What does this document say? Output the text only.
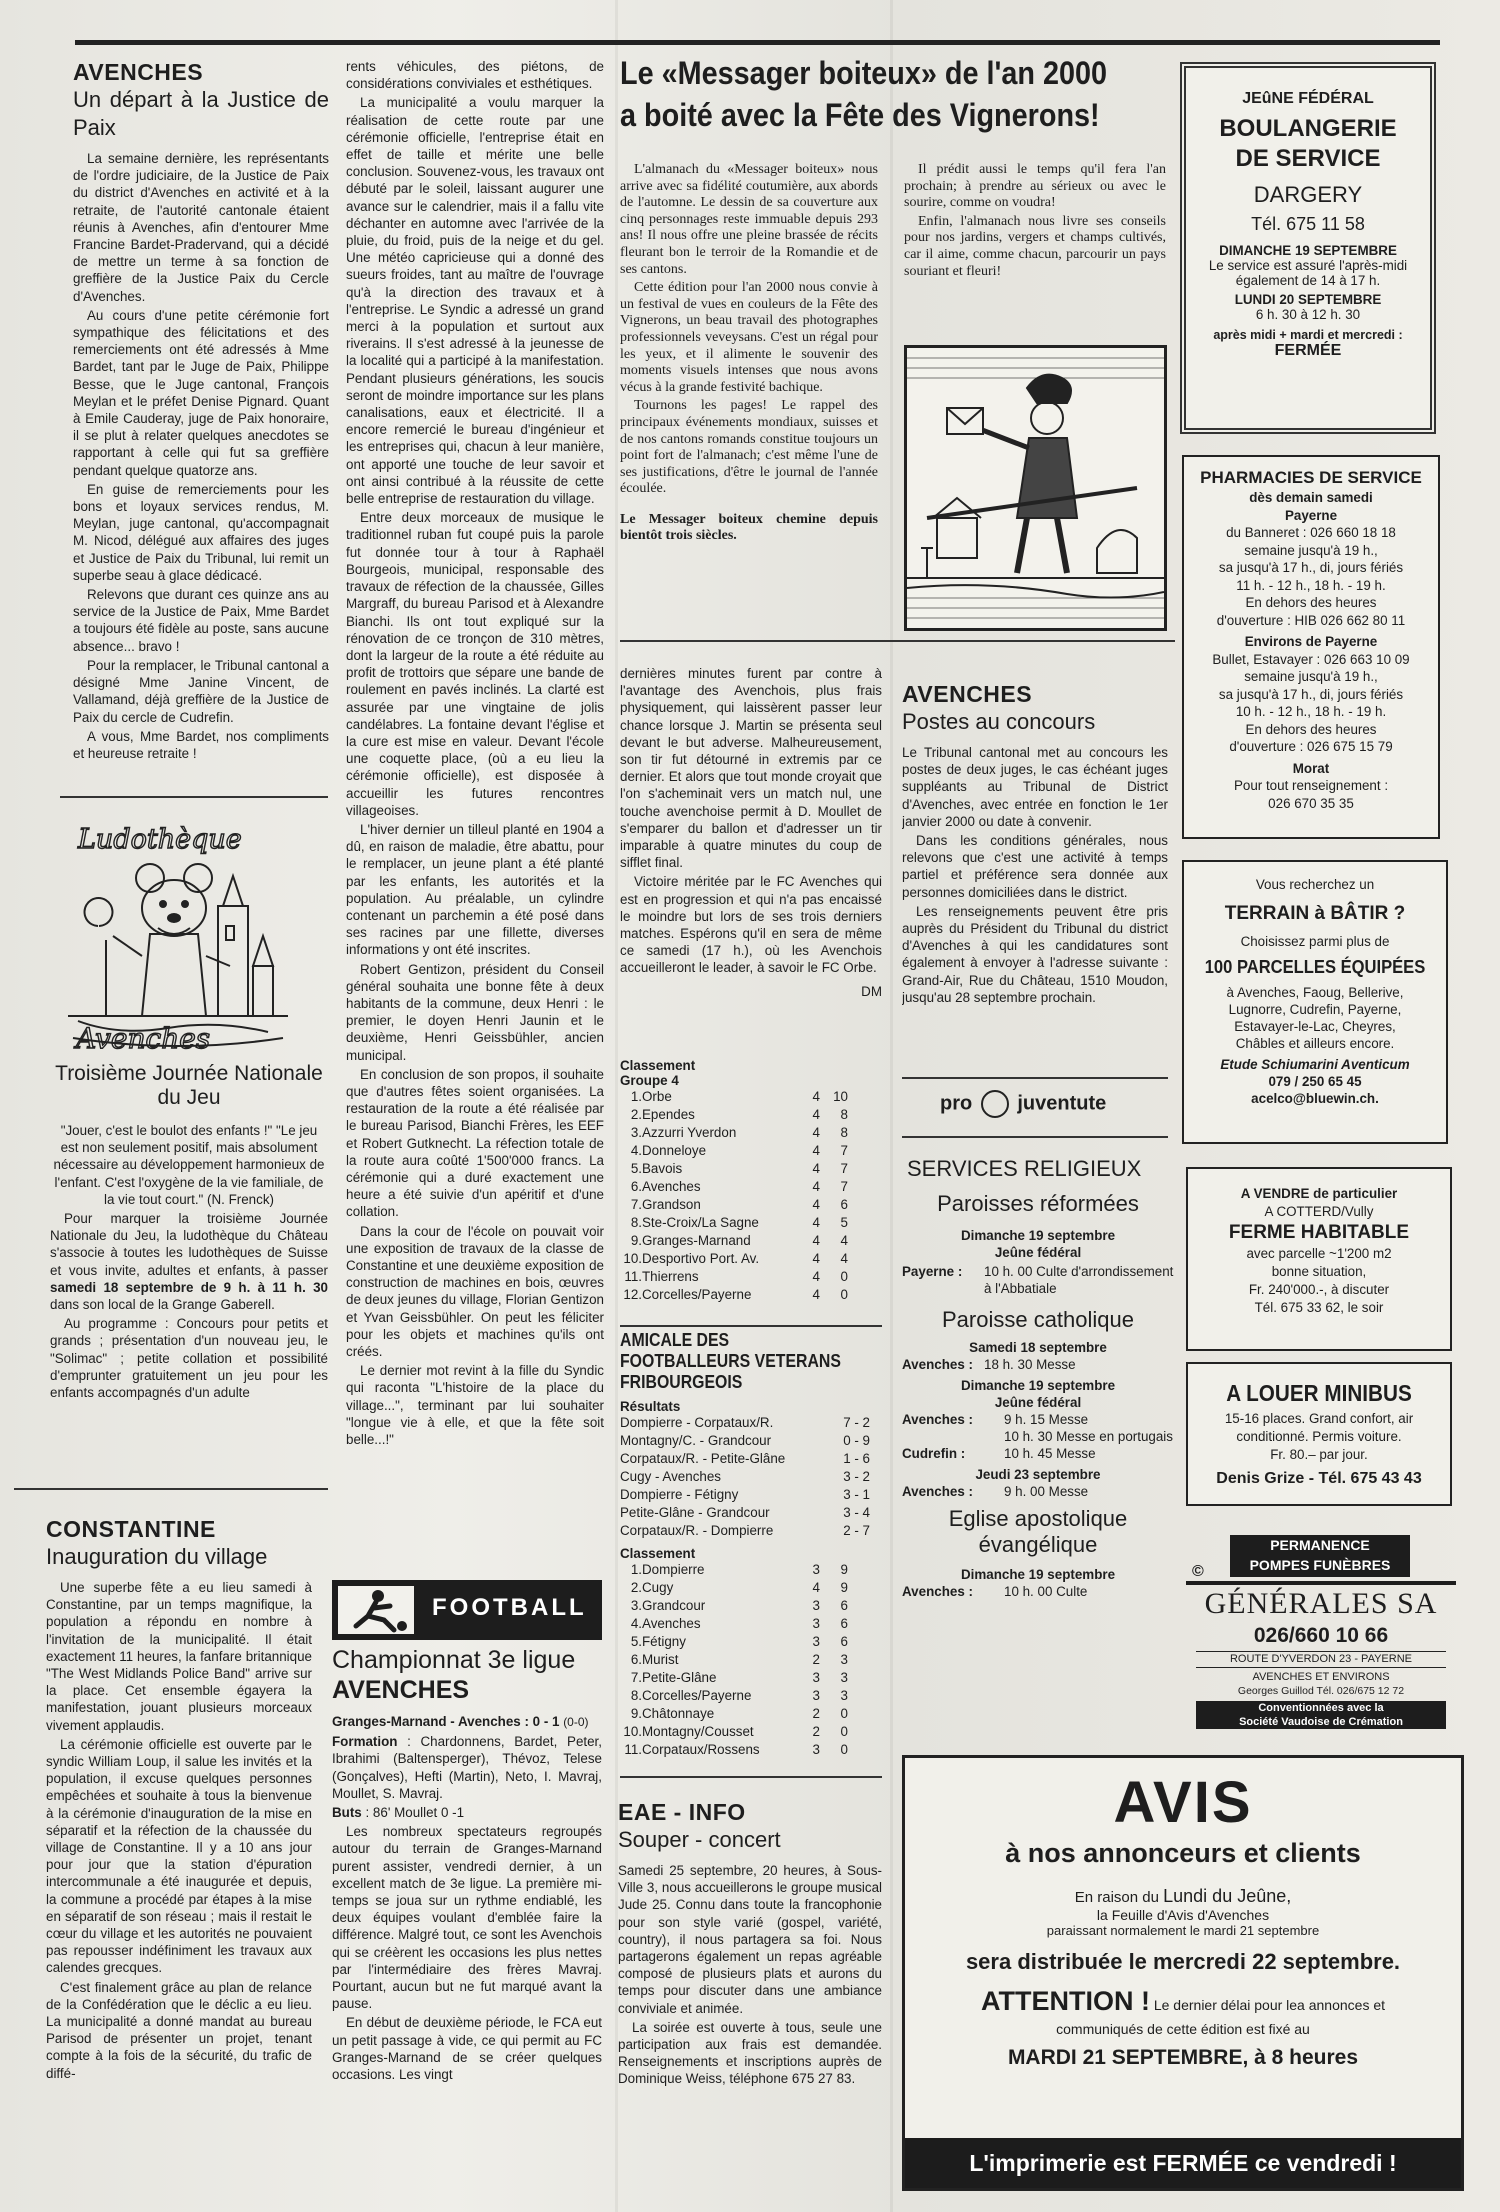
AVENCHES
Un départ à la Justice de Paix

La semaine dernière, les représentants de l'ordre judiciaire, de la Justice de Paix du district d'Avenches en activité et à la retraite, de l'autorité cantonale étaient réunis à Avenches, afin d'entourer Mme Francine Bardet-Pradervand, qui a décidé de mettre un terme à sa fonction de greffière de la Justice Paix du Cercle d'Avenches.

Au cours d'une petite cérémonie fort sympathique des félicitations et des remerciements ont été adressés à Mme Bardet, tant par le Juge de Paix, Philippe Besse, que le Juge cantonal, François Meylan et le préfet Denise Pignard. Quant à Emile Cauderay, juge de Paix honoraire, il se plut à relater quelques anecdotes se rapportant à celle qui fut sa greffière pendant quelque quatorze ans.

En guise de remerciements pour les bons et loyaux services rendus, M. Meylan, juge cantonal, qu'accompagnait M. Nicod, délégué aux affaires des juges et Justice de Paix du Tribunal, lui remit un superbe seau à glace dédicacé.

Relevons que durant ces quinze ans au service de la Justice de Paix, Mme Bardet a toujours été fidèle au poste, sans aucune absence... bravo !

Pour la remplacer, le Tribunal cantonal a désigné Mme Janine Vincent, de Vallamand, déjà greffière de la Justice de Paix du cercle de Cudrefin.

A vous, Mme Bardet, nos compliments et heureuse retraite !

Ludothèque
Avenches
Troisième Journée Nationale du Jeu

"Jouer, c'est le boulot des enfants !" "Le jeu est non seulement positif, mais absolument nécessaire au développement harmonieux de l'enfant. C'est l'oxygène de la vie familiale, de la vie tout court." (N. Frenck)

Pour marquer la troisième Journée Nationale du Jeu, la ludothèque du Château s'associe à toutes les ludothèques de Suisse et vous invite, adultes et enfants, à passer samedi 18 septembre de 9 h. à 11 h. 30 dans son local de la Grange Gaberell.

Au programme : Concours pour petits et grands ; présentation d'un nouveau jeu, le "Solimac" ; petite collation et possibilité d'emprunter gratuitement un jeu pour les enfants accompagnés d'un adulte

CONSTANTINE
Inauguration du village

Une superbe fête a eu lieu samedi à Constantine, par un temps magnifique, la population a répondu en nombre à l'invitation de la municipalité. Il était exactement 11 heures, la fanfare britannique "The West Midlands Police Band" arrive sur la place. Cet ensemble égayera la manifestation, jouant plusieurs morceaux vivement applaudis.

La cérémonie officielle est ouverte par le syndic William Loup, il salue les invités et la population, il excuse quelques personnes empêchées et souhaite à tous la bienvenue à la cérémonie d'inauguration de la mise en séparatif et la réfection de la chaussée du village de Constantine. Il y a 10 ans jour pour jour que la station d'épuration intercommunale a été inaugurée et depuis, la commune a procédé par étapes à la mise en séparatif de son réseau ; mais il restait le cœur du village et les autorités ne pouvaient pas repousser indéfiniment les travaux aux calendes grecques.

C'est finalement grâce au plan de relance de la Confédération que le déclic a eu lieu. La municipalité a donné mandat au bureau Parisod de présenter un projet, tenant compte à la fois de la sécurité, du trafic de diffé-

rents véhicules, des piétons, de considérations conviviales et esthétiques.

La municipalité a voulu marquer la réalisation de cette route par une cérémonie officielle, l'entreprise était en effet de taille et mérite une belle conclusion. Souvenez-vous, les travaux ont débuté par le soleil, laissant augurer une avance sur le calendrier, mais il a fallu vite déchanter en automne avec l'arrivée de la pluie, du froid, puis de la neige et du gel. Une météo capricieuse qui a donné des sueurs froides, tant au maître de l'ouvrage qu'à la direction des travaux et à l'entreprise. Le Syndic a adressé un grand merci à la population et surtout aux riverains. Il s'est adressé à la jeunesse de la localité qui a participé à la manifestation. Pendant plusieurs générations, les soucis seront de moindre importance sur les plans canalisations, eaux et électricité. Il a encore remercié le bureau d'ingénieur et les entreprises qui, chacun à leur manière, ont apporté une touche de leur savoir et ont ainsi contribué à la réussite de cette belle entreprise de restauration du village.

Entre deux morceaux de musique le traditionnel ruban fut coupé puis la parole fut donnée tour à tour à Raphaël Bourgeois, municipal, responsable des travaux de réfection de la chaussée, Gilles Margraff, du bureau Parisod et à Alexandre Bianchi. Ils ont tout expliqué sur la rénovation de ce tronçon de 310 mètres, dont la largeur de la route a été réduite au profit de trottoirs que sépare une bande de roulement en pavés inclinés. La clarté est assurée par une vingtaine de jolis candélabres. La fontaine devant l'église et la cure est mise en valeur. Devant l'école une coquette place, (où a eu lieu la cérémonie officielle), est disposée à accueillir les futures rencontres villageoises.

L'hiver dernier un tilleul planté en 1904 a dû, en raison de maladie, être abattu, pour le remplacer, un jeune plant a été planté par les enfants, les autorités et la population. Au préalable, un cylindre contenant un parchemin a été posé dans ses racines par une fillette, diverses informations y ont été inscrites.

Robert Gentizon, président du Conseil général souhaita une bonne fête à deux habitants de la commune, deux Henri : le premier, le doyen Henri Jaunin et le deuxième, Henri Geissbühler, ancien municipal.

En conclusion de son propos, il souhaite que d'autres fêtes soient organisées. La restauration de la route a été réalisée par le bureau Parisod, Bianchi Frères, les EEF et Robert Gutknecht. La réfection totale de la route aura coûté 1'500'000 francs. La cérémonie qui a duré exactement une heure a été suivie d'un apéritif et d'une collation.

Dans la cour de l'école on pouvait voir une exposition de travaux de la classe de Constantine et une deuxième exposition de construction de machines en bois, œuvres de deux jeunes du village, Florian Gentizon et Yvan Geissbühler. On peut les féliciter pour les objets et machines qu'ils ont créés.

Le dernier mot revint à la fille du Syndic qui raconta "L'histoire de la place du village...", terminant par lui souhaiter "longue vie à elle, et que la fête soit belle...!"

FOOTBALL
Championnat 3e ligue
AVENCHES

Granges-Marnand - Avenches : 0 - 1 (0-0)

Formation : Chardonnens, Bardet, Peter, Ibrahimi (Baltensperger), Thévoz, Telese (Gonçalves), Hefti (Martin), Neto, I. Mavraj, Moullet, S. Mavraj.

Buts : 86' Moullet 0 -1

Les nombreux spectateurs regroupés autour du terrain de Granges-Marnand purent assister, vendredi dernier, à un excellent match de 3e ligue. La première mi-temps se joua sur un rythme endiablé, les deux équipes voulant d'emblée faire la différence. Malgré tout, ce sont les Avenchois qui se créèrent les occasions les plus nettes par l'intermédiaire des frères Mavraj. Pourtant, aucun but ne fut marqué avant la pause.

En début de deuxième période, le FCA eut un petit passage à vide, ce qui permit au FC Granges-Marnand de se créer quelques occasions. Les vingt

Le «Messager boiteux» de l'an 2000
a boité avec la Fête des Vignerons!

L'almanach du «Messager boiteux» nous arrive avec sa fidélité coutumière, aux abords de l'automne. Le dessin de sa couverture aux cinq personnages reste immuable depuis 293 ans! Il nous offre une pleine brassée de récits fleurant bon le terroir de la Romandie et de ses cantons.

Cette édition pour l'an 2000 nous convie à un festival de vues en couleurs de la Fête des Vignerons, un beau travail des photographes professionnels veveysans. C'est un régal pour les yeux, et il alimente le souvenir des moments visuels intenses que nous avons vécus à la grande festivité bachique.

Tournons les pages! Le rappel des principaux événements mondiaux, suisses et de nos cantons romands constitue toujours un point fort de l'almanach; c'est même l'une de ses justifications, d'être le journal de l'année écoulée.

Le Messager boiteux chemine depuis bientôt trois siècles.

Il prédit aussi le temps qu'il fera l'an prochain; à prendre au sérieux ou avec le sourire, comme on voudra!

Enfin, l'almanach nous livre ses conseils pour nos jardins, vergers et champs cultivés, car il aime, comme chacun, parcourir un pays souriant et fleuri!

dernières minutes furent par contre à l'avantage des Avenchois, plus frais physiquement, qui laissèrent passer leur chance lorsque J. Martin se présenta seul devant le but adverse. Malheureusement, son tir fut détourné in extremis par ce dernier. Et alors que tout monde croyait que l'on s'acheminait vers un match nul, une touche avenchoise permit à D. Moullet de s'emparer du ballon et d'adresser un tir imparable à quatre minutes du coup de sifflet final.

Victoire méritée par le FC Avenches qui est en progression et qui n'a pas encaissé le moindre but lors de ses trois derniers matches. Espérons qu'il en sera de même ce samedi (17 h.), où les Avenchois accueilleront le leader, à savoir le FC Orbe.

DM
Classement
Groupe 4
1.	Orbe	4	10
2.	Ependes	4	8
3.	Azzurri Yverdon	4	8
4.	Donneloye	4	7
5.	Bavois	4	7
6.	Avenches	4	7
7.	Grandson	4	6
8.	Ste-Croix/La Sagne	4	5
9.	Granges-Marnand	4	4
10.	Desportivo Port. Av.	4	4
11.	Thierrens	4	0
12.	Corcelles/Payerne	4	0
AMICALE DES FOOTBALLEURS VETERANS FRIBOURGEOIS
Résultats
Dompierre - Corpataux/R.	7 - 2
Montagny/C. - Grandcour	0 - 9
Corpataux/R. - Petite-Glâne	1 - 6
Cugy - Avenches	3 - 2
Dompierre - Fétigny	3 - 1
Petite-Glâne - Grandcour	3 - 4
Corpataux/R. - Dompierre	2 - 7
Classement
1.	Dompierre	3	9
2.	Cugy	4	9
3.	Grandcour	3	6
4.	Avenches	3	6
5.	Fétigny	3	6
6.	Murist	2	3
7.	Petite-Glâne	3	3
8.	Corcelles/Payerne	3	3
9.	Châtonnaye	2	0
10.	Montagny/Cousset	2	0
11.	Corpataux/Rossens	3	0
EAE - INFO
Souper - concert

Samedi 25 septembre, 20 heures, à Sous-Ville 3, nous accueillerons le groupe musical Jude 25. Connu dans toute la francophonie pour son style varié (gospel, variété, country), il nous partagera sa foi. Nous partagerons également un repas agréable composé de plusieurs plats et aurons du temps pour discuter dans une ambiance conviviale et animée.

La soirée est ouverte à tous, seule une participation aux frais est demandée. Renseignements et inscriptions auprès de Dominique Weiss, téléphone 675 27 83.

AVENCHES
Postes au concours

Le Tribunal cantonal met au concours les postes de deux juges, le cas échéant juges suppléants au Tribunal de District d'Avenches, avec entrée en fonction le 1er janvier 2000 ou date à convenir.

Dans les conditions générales, nous relevons que c'est une activité à temps partiel et préférence sera donnée aux personnes domiciliées dans le district.

Les renseignements peuvent être pris auprès du Président du Tribunal du district d'Avenches à qui les candidatures sont également à envoyer à l'adresse suivante : Grand-Air, Rue du Château, 1510 Moudon, jusqu'au 28 septembre prochain.

pro juventute
SERVICES RELIGIEUX
Paroisses réformées
Dimanche 19 septembre
Jeûne fédéral
Payerne :	10 h. 00 Culte d'arrondissement à l'Abbatiale
Paroisse catholique
Samedi 18 septembre
Avenches : 18 h. 30 Messe
Dimanche 19 septembre
Jeûne fédéral
Avenches :	9 h. 15 Messe
10 h. 30 Messe en portugais
Cudrefin :	10 h. 45 Messe
Jeudi 23 septembre
Avenches :	9 h. 00 Messe
Eglise apostolique évangélique
Dimanche 19 septembre
Avenches :	10 h. 00 Culte
JEûNE FÉDÉRAL
BOULANGERIE
DE SERVICE
DARGERY
Tél. 675 11 58
DIMANCHE 19 SEPTEMBRE
Le service est assuré l'après-midi également de 14 à 17 h.
LUNDI 20 SEPTEMBRE
6 h. 30 à 12 h. 30
après midi + mardi et mercredi :
FERMÉE
PHARMACIES DE SERVICE
dès demain samedi
Payerne
du Banneret : 026 660 18 18
semaine jusqu'à 19 h.,
sa jusqu'à 17 h., di, jours fériés
11 h. - 12 h., 18 h. - 19 h.
En dehors des heures
d'ouverture : HIB 026 662 80 11
Environs de Payerne
Bullet, Estavayer : 026 663 10 09
semaine jusqu'à 19 h.,
sa jusqu'à 17 h., di, jours fériés
10 h. - 12 h., 18 h. - 19 h.
En dehors des heures
d'ouverture : 026 675 15 79
Morat
Pour tout renseignement :
026 670 35 35
Vous recherchez un
TERRAIN à BÂTIR ?
Choisissez parmi plus de
100 PARCELLES ÉQUIPÉES
à Avenches, Faoug, Bellerive, Lugnorre, Cudrefin, Payerne, Estavayer-le-Lac, Cheyres, Châbles et ailleurs encore.
Etude Schiumarini Aventicum
079 / 250 65 45
acelco@bluewin.ch.
A VENDRE de particulier
A COTTERD/Vully
FERME HABITABLE
avec parcelle ~1'200 m2
bonne situation,
Fr. 240'000.-, à discuter
Tél. 675 33 62, le soir
A LOUER MINIBUS
15-16 places. Grand confort, air conditionné. Permis voiture.
Fr. 80.– par jour.
Denis Grize - Tél. 675 43 43
PERMANENCE
POMPES FUNÈBRES
©
GÉNÉRALES SA
026/660 10 66
ROUTE D'YVERDON 23 - PAYERNE
AVENCHES ET ENVIRONS
Georges Guillod Tél. 026/675 12 72
Conventionnées avec la
Société Vaudoise de Crémation
AVIS
à nos annonceurs et clients
En raison du Lundi du Jeûne,
la Feuille d'Avis d'Avenches
paraissant normalement le mardi 21 septembre
sera distribuée le mercredi 22 septembre.
ATTENTION ! Le dernier délai pour lea annonces et
communiqués de cette édition est fixé au
MARDI 21 SEPTEMBRE, à 8 heures
L'imprimerie est FERMÉE ce vendredi !
